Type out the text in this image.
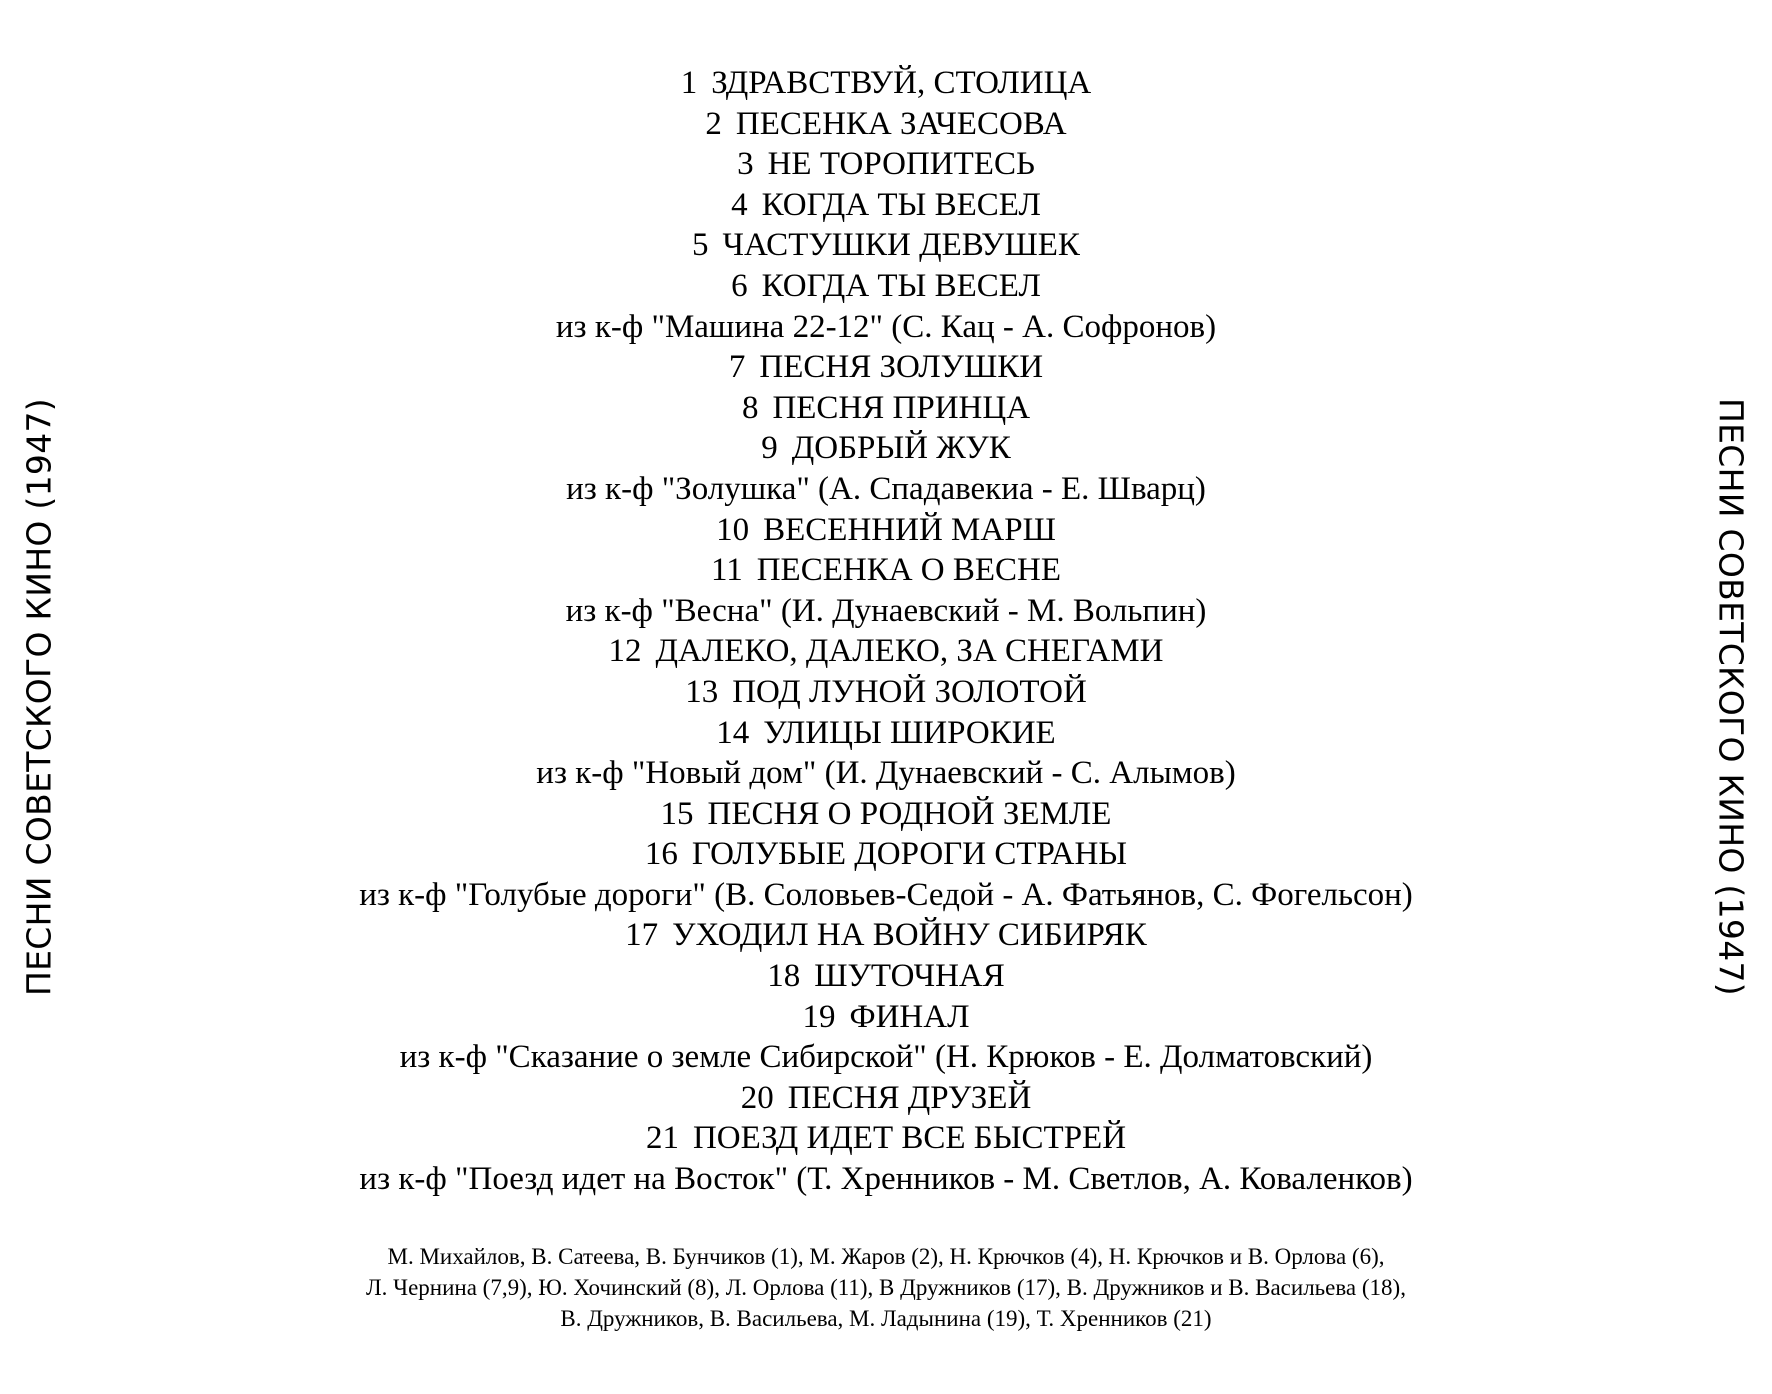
ПЕСНИ СОВЕТСКОГО КИНО (1947)	ПЕСНИ СОВЕТСКОГО КИНО (1947)
1 ЗДРАВСТВУЙ, СТОЛИЦА
2 ПЕСЕНКА ЗАЧЕСОВА
3 НЕ ТОРОПИТЕСЬ
4 КОГДА ТЫ ВЕСЕЛ
5 ЧАСТУШКИ ДЕВУШЕК
6 КОГДА ТЫ ВЕСЕЛ
из к-ф "Машина 22-12" (С. Кац - А. Софронов)
7 ПЕСНЯ ЗОЛУШКИ
8 ПЕСНЯ ПРИНЦА
9 ДОБРЫЙ ЖУК
из к-ф "Золушка" (А. Спадавекиа - Е. Шварц)
10 ВЕСЕННИЙ МАРШ
11 ПЕСЕНКА О ВЕСНЕ
из к-ф "Весна" (И. Дунаевский - М. Вольпин)
12 ДАЛЕКО, ДАЛЕКО, ЗА СНЕГАМИ
13 ПОД ЛУНОЙ ЗОЛОТОЙ
14 УЛИЦЫ ШИРОКИЕ
из к-ф "Новый дом" (И. Дунаевский - С. Алымов)
15 ПЕСНЯ О РОДНОЙ ЗЕМЛЕ
16 ГОЛУБЫЕ ДОРОГИ СТРАНЫ
из к-ф "Голубые дороги" (В. Соловьев-Седой - А. Фатьянов, С. Фогельсон)
17 УХОДИЛ НА ВОЙНУ СИБИРЯК
18 ШУТОЧНАЯ
19 ФИНАЛ
из к-ф "Сказание о земле Сибирской" (Н. Крюков - Е. Долматовский)
20 ПЕСНЯ ДРУЗЕЙ
21 ПОЕЗД ИДЕТ ВСЕ БЫСТРЕЙ
из к-ф "Поезд идет на Восток" (Т. Хренников - М. Светлов, А. Коваленков)
М. Михайлов, В. Сатеева, В. Бунчиков (1), М. Жаров (2), Н. Крючков (4), Н. Крючков и В. Орлова (6),
Л. Чернина (7,9), Ю. Хочинский (8), Л. Орлова (11), В Дружников (17), В. Дружников и В. Васильева (18),
В. Дружников, В. Васильева, М. Ладынина (19), Т. Хренников (21)
